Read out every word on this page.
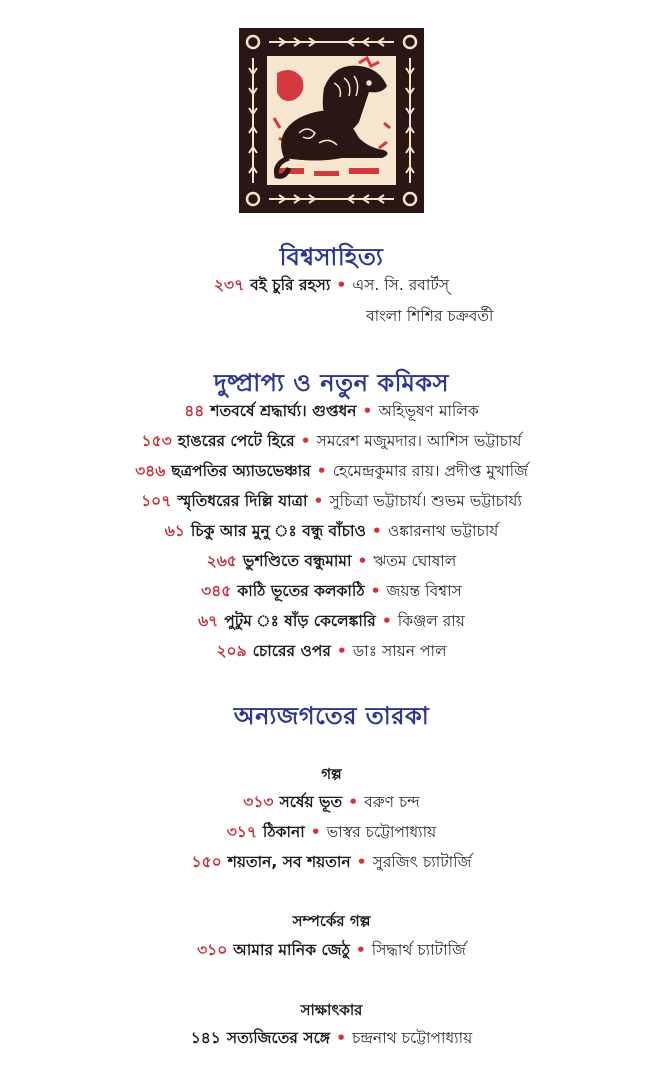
বিশ্বসাহিত্য
২৩৭ বই চুরি রহস্য • এস. সি. রবার্টস্
বাংলা শিশির চক্রবর্তী
দুষ্প্রাপ্য ও নতুন কমিকস
৪৪ শতবর্ষে শ্রদ্ধার্ঘ্য। গুপ্তধন • অহিভূষণ মালিক
১৫৩ হাঙরের পেটে হিরে • সমরেশ মজুমদার। আশিস ভট্টাচার্য
৩৪৬ ছত্রপতির অ্যাডভেঞ্চার • হেমেন্দ্রকুমার রায়। প্রদীপ্ত মুখার্জি
১০৭ স্মৃতিধরের দিল্লি যাত্রা • সুচিত্রা ভট্টাচার্য। শুভম ভট্টাচার্য্য
৬১ চিকু আর মুনু ঃ বন্ধু বাঁচাও • ওঙ্কারনাথ ভট্টাচার্য
২৬৫ ভুশণ্ডিতে বন্ধুমামা • ঋতম ঘোষাল
৩৪৫ কাঠি ভূতের কলকাঠি • জয়ন্ত বিশ্বাস
৬৭ পুটুম ঃ ষাঁড় কেলেঙ্কারি • কিঞ্জল রায়
২০৯ চোরের ওপর • ডাঃ সায়ন পাল
অন্যজগতের তারকা
গল্প
৩১৩ সর্ষেয় ভূত • বরুণ চন্দ
৩১৭ ঠিকানা • ভাস্বর চট্টোপাধ্যায়
১৫০ শয়তান, সব শয়তান • সুরজিৎ চ্যাটার্জি
সম্পর্কের গল্প
৩১০ আমার মানিক জেঠু • সিদ্ধার্থ চ্যাটার্জি
সাক্ষাৎকার
১৪১ সত্যজিতের সঙ্গে • চন্দ্রনাথ চট্টোপাধ্যায়
